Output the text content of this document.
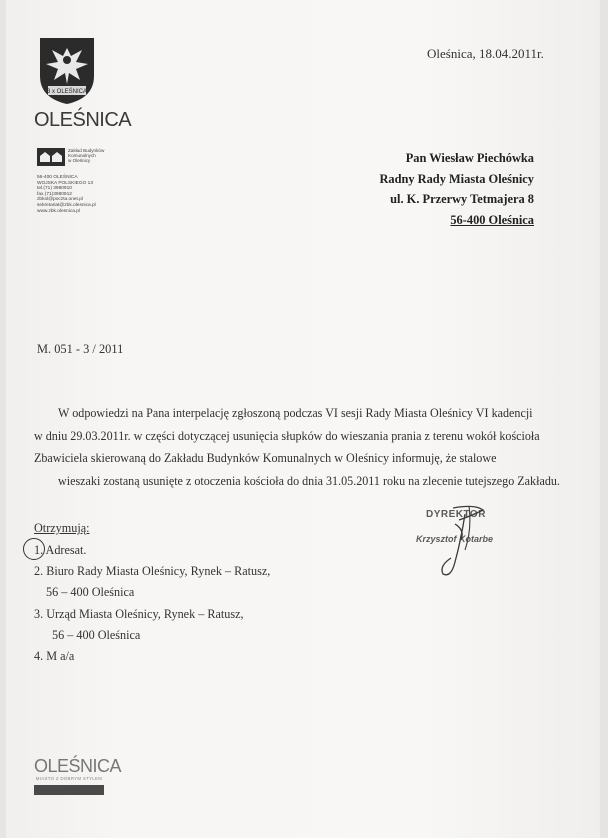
3 x OLEŚNICA
OLEŚNICA
Zakład Budynków
Komunalnych
w Oleśnicy
56-400 OLEŚNICA
WOJSKA POLSKIEGO 13
tel.(71) 3980910
fax.(71)3980912
zbkol@poczta.onet.pl
sekretariat@zbk.olesnica.pl
www.zbk.olesnica.pl
Oleśnica, 18.04.2011r.
Pan Wiesław Piechówka
Radny Rady Miasta Oleśnicy
ul. K. Przerwy Tetmajera 8
56-400 Oleśnica
M. 051 - 3 / 2011
W odpowiedzi na Pana interpelację zgłoszoną podczas VI sesji Rady Miasta Oleśnicy VI kadencji
w dniu 29.03.2011r. w części dotyczącej usunięcia słupków do wieszania prania z terenu wokół kościoła
Zbawiciela skierowaną do Zakładu Budynków Komunalnych w Oleśnicy informuję, że stalowe
wieszaki zostaną usunięte z otoczenia kościoła do dnia 31.05.2011 roku na zlecenie tutejszego Zakładu.
Otrzymują:
1. Adresat.
2. Biuro Rady Miasta Oleśnicy, Rynek – Ratusz,
56 – 400 Oleśnica
3. Urząd Miasta Oleśnicy, Rynek – Ratusz,
56 – 400 Oleśnica
4. M a/a
DYREKTOR
Krzysztof Kotarbe
OLEŚNICA
MIASTO Z DOBRYM STYLEM
